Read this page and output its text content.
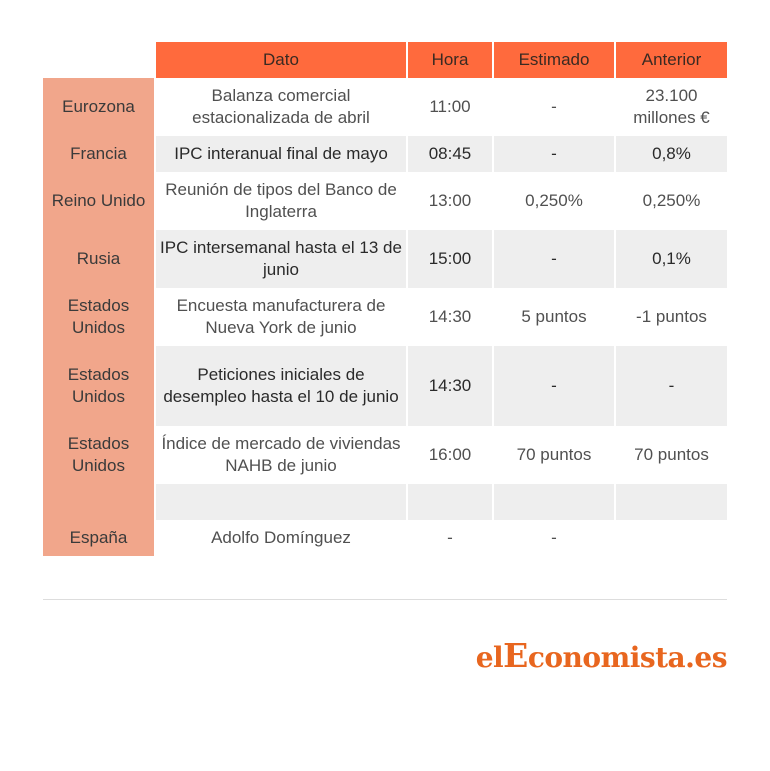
	Dato	Hora	Estimado	Anterior
Eurozona	Balanza comercial estacionalizada de abril	11:00	-	23.100 millones €
Francia	IPC interanual final de mayo	08:45	-	0,8%
Reino Unido	Reunión de tipos del Banco de Inglaterra	13:00	0,250%	0,250%
Rusia	IPC intersemanal hasta el 13 de junio	15:00	-	0,1%
Estados Unidos	Encuesta manufacturera de Nueva York de junio	14:30	5 puntos	-1 puntos
Estados Unidos	Peticiones iniciales de desempleo hasta el 10 de junio	14:30	-	-
Estados Unidos	Índice de mercado de viviendas NAHB de junio	16:00	70 puntos	70 puntos

España	Adolfo Domínguez	-	-	
elEconomista.es
